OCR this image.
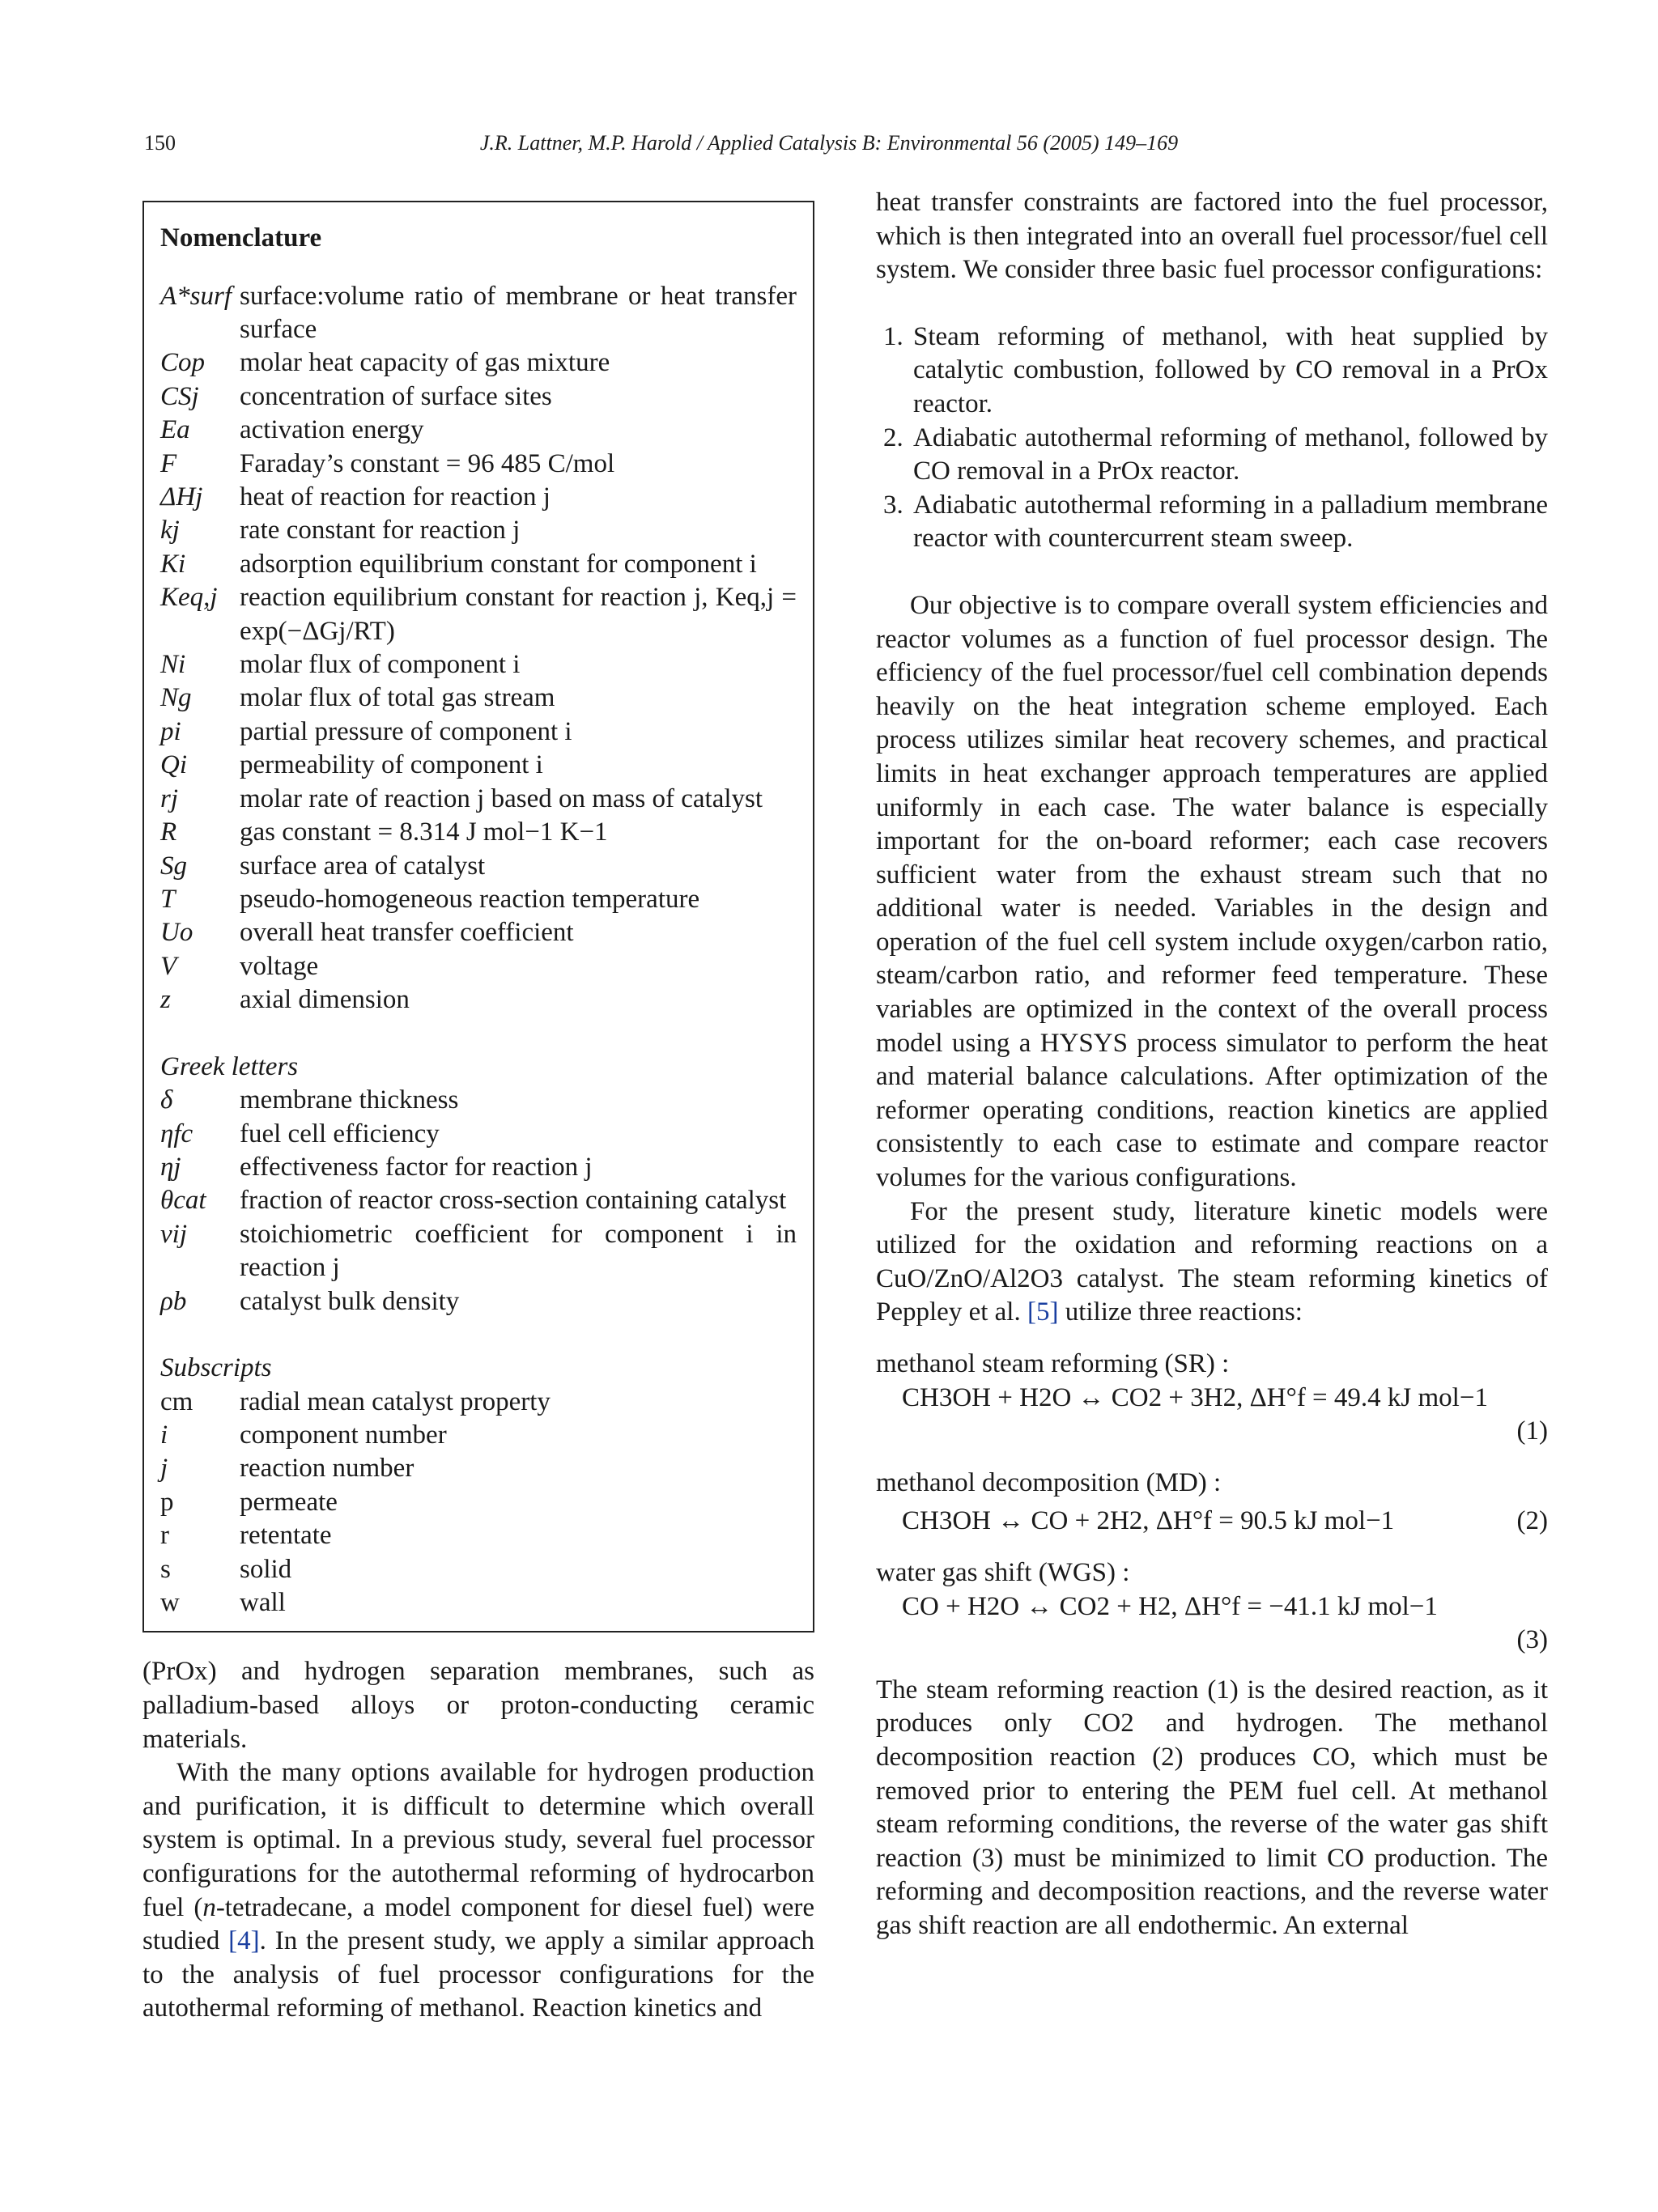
150	J.R. Lattner, M.P. Harold / Applied Catalysis B: Environmental 56 (2005) 149–169
Nomenclature
A*surf surface:volume ratio of membrane or heat transfer surface
Cop	molar heat capacity of gas mixture
CSj	concentration of surface sites
Ea	activation energy
F	Faraday’s constant = 96 485 C/mol
ΔHj	heat of reaction for reaction j
kj	rate constant for reaction j
Ki	adsorption equilibrium constant for component i
Keq,j reaction equilibrium constant for reaction j, Keq,j = exp(−ΔGj/RT)
Ni	molar flux of component i
Ng	molar flux of total gas stream
pi	partial pressure of component i
Qi	permeability of component i
rj	molar rate of reaction j based on mass of catalyst
R	gas constant = 8.314 J mol−1 K−1
Sg	surface area of catalyst
T	pseudo-homogeneous reaction temperature
Uo	overall heat transfer coefficient
V	voltage
z	axial dimension
Greek letters
δ	membrane thickness
ηfc	fuel cell efficiency
ηj	effectiveness factor for reaction j
θcat	fraction of reactor cross-section containing catalyst
νij	stoichiometric coefficient for component i in reaction j
ρb	catalyst bulk density
Subscripts
cm	radial mean catalyst property
i	component number
j	reaction number
p	permeate
r	retentate
s	solid
w	wall

(PrOx) and hydrogen separation membranes, such as palladium-based alloys or proton-conducting ceramic materials.

With the many options available for hydrogen production and purification, it is difficult to determine which overall system is optimal. In a previous study, several fuel processor configurations for the autothermal reforming of hydrocarbon fuel (n-tetradecane, a model component for diesel fuel) were studied [4]. In the present study, we apply a similar approach to the analysis of fuel processor configurations for the autothermal reforming of methanol. Reaction kinetics and

heat transfer constraints are factored into the fuel processor, which is then integrated into an overall fuel processor/fuel cell system. We consider three basic fuel processor configurations:

1. Steam reforming of methanol, with heat supplied by catalytic combustion, followed by CO removal in a PrOx reactor.
2. Adiabatic autothermal reforming of methanol, followed by CO removal in a PrOx reactor.
3. Adiabatic autothermal reforming in a palladium membrane reactor with countercurrent steam sweep.

Our objective is to compare overall system efficiencies and reactor volumes as a function of fuel processor design. The efficiency of the fuel processor/fuel cell combination depends heavily on the heat integration scheme employed. Each process utilizes similar heat recovery schemes, and practical limits in heat exchanger approach temperatures are applied uniformly in each case. The water balance is especially important for the on-board reformer; each case recovers sufficient water from the exhaust stream such that no additional water is needed. Variables in the design and operation of the fuel cell system include oxygen/carbon ratio, steam/carbon ratio, and reformer feed temperature. These variables are optimized in the context of the overall process model using a HYSYS process simulator to perform the heat and material balance calculations. After optimization of the reformer operating conditions, reaction kinetics are applied consistently to each case to estimate and compare reactor volumes for the various configurations.

For the present study, literature kinetic models were utilized for the oxidation and reforming reactions on a CuO/ZnO/Al2O3 catalyst. The steam reforming kinetics of Peppley et al. [5] utilize three reactions:

methanol steam reforming (SR) :
CH3OH + H2O ↔ CO2 + 3H2, ΔH°f = 49.4 kJ mol−1
(1)
methanol decomposition (MD) :
CH3OH ↔ CO + 2H2, ΔH°f = 90.5 kJ mol−1	(2)
water gas shift (WGS) :
CO + H2O ↔ CO2 + H2, ΔH°f = −41.1 kJ mol−1
(3)

The steam reforming reaction (1) is the desired reaction, as it produces only CO2 and hydrogen. The methanol decomposition reaction (2) produces CO, which must be removed prior to entering the PEM fuel cell. At methanol steam reforming conditions, the reverse of the water gas shift reaction (3) must be minimized to limit CO production. The reforming and decomposition reactions, and the reverse water gas shift reaction are all endothermic. An external
